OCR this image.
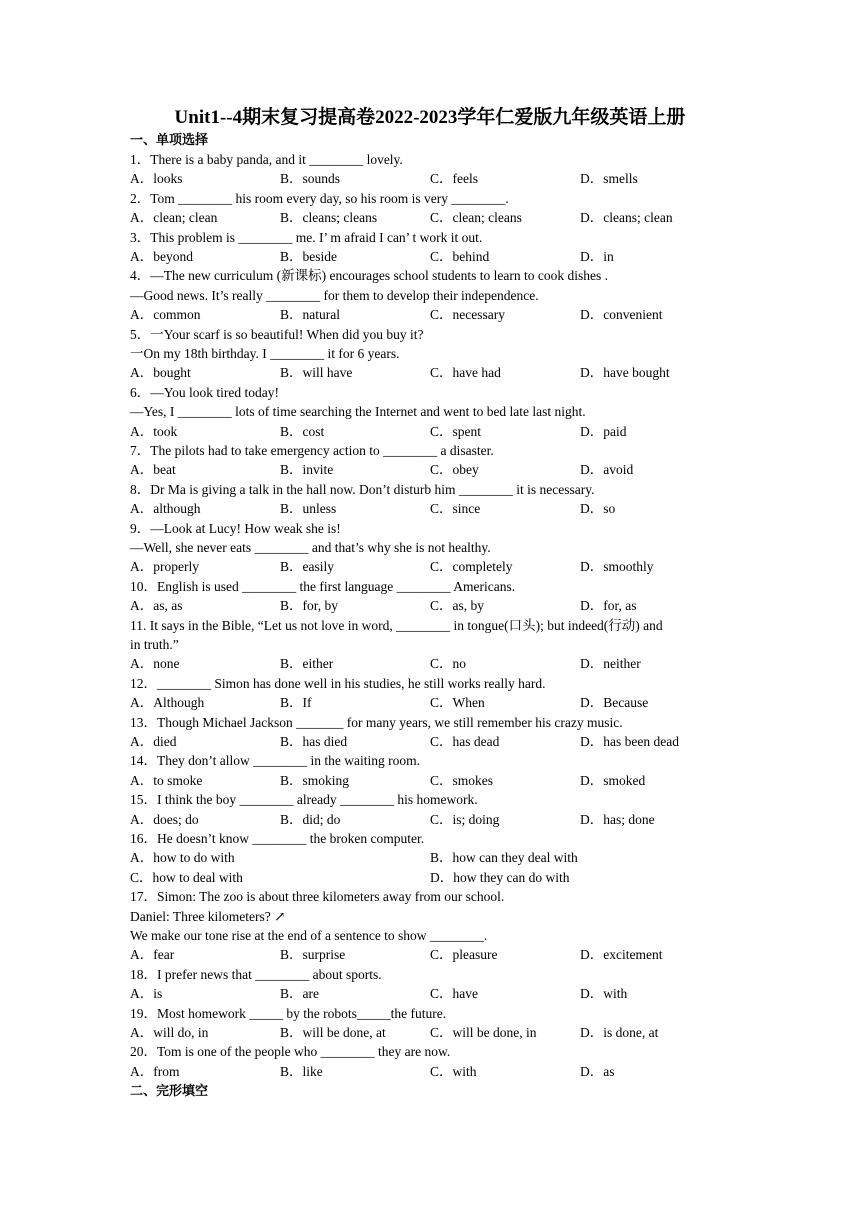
Unit1--4期末复习提高卷2022-2023学年仁爱版九年级英语上册
一、单项选择
1．There is a baby panda, and it ________ lovely.
A．looks	B．sounds	C．feels	D．smells
2．Tom ________ his room every day, so his room is very ________.
A．clean; clean	B．cleans; cleans	C．clean; cleans	D．cleans; clean
3．This problem is ________ me. I’ m afraid I can’ t work it out.
A．beyond	B．beside	C．behind	D．in
4．—The new curriculum (新课标) encourages school students to learn to cook dishes .
—Good news. It’s really ________ for them to develop their independence.
A．common	B．natural	C．necessary	D．convenient
5．一Your scarf is so beautiful! When did you buy it?
一On my 18th birthday. I ________ it for 6 years.
A．bought	B．will have	C．have had	D．have bought
6．—You look tired today!
—Yes, I ________ lots of time searching the Internet and went to bed late last night.
A．took	B．cost	C．spent	D．paid
7．The pilots had to take emergency action to ________ a disaster.
A．beat	B．invite	C．obey	D．avoid
8．Dr Ma is giving a talk in the hall now. Don’t disturb him ________ it is necessary.
A．although	B．unless	C．since	D．so
9．—Look at Lucy! How weak she is!
—Well, she never eats ________ and that’s why she is not healthy.
A．properly	B．easily	C．completely	D．smoothly
10．English is used ________ the first language ________ Americans.
A．as, as	B．for, by	C．as, by	D．for, as
11. It says in the Bible, “Let us not love in word, ________ in tongue(口头); but indeed(行动) and
in truth.”
A．none	B．either	C．no	D．neither
12．________ Simon has done well in his studies, he still works really hard.
A．Although	B．If	C．When	D．Because
13．Though Michael Jackson _______ for many years, we still remember his crazy music.
A．died	B．has died	C．has dead	D．has been dead
14．They don’t allow ________ in the waiting room.
A．to smoke	B．smoking	C．smokes	D．smoked
15．I think the boy ________ already ________ his homework.
A．does; do	B．did; do	C．is; doing	D．has; done
16．He doesn’t know ________ the broken computer.
A．how to do with	B．how can they deal with
C．how to deal with	D．how they can do with
17．Simon: The zoo is about three kilometers away from our school.
Daniel: Three kilometers? ↗
We make our tone rise at the end of a sentence to show ________.
A．fear	B．surprise	C．pleasure	D．excitement
18．I prefer news that ________ about sports.
A．is	B．are	C．have	D．with
19．Most homework _____ by the robots_____the future.
A．will do, in	B．will be done, at	C．will be done, in	D．is done, at
20．Tom is one of the people who ________ they are now.
A．from	B．like	C．with	D．as
二、完形填空
